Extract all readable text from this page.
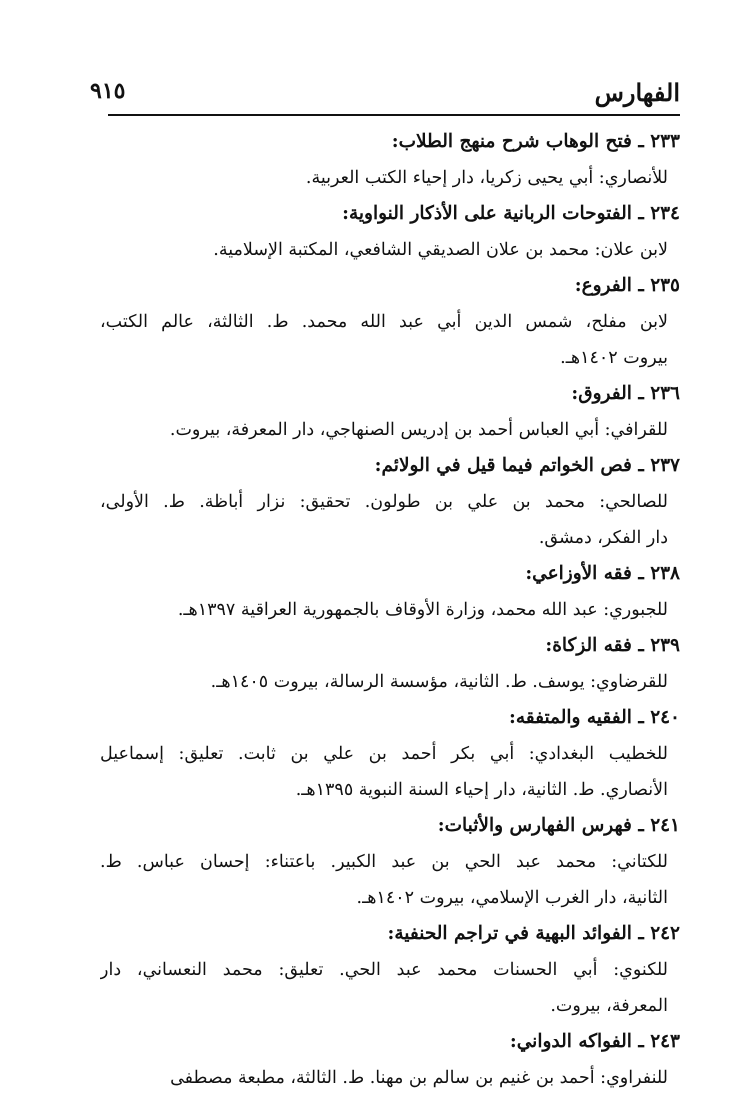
الفهارس
٩١٥
٢٣٣ ـ فتح الوهاب شرح منهج الطلاب:
للأنصاري: أبي يحيى زكريا، دار إحياء الكتب العربية.
٢٣٤ ـ الفتوحات الربانية على الأذكار النواوية:
لابن علان: محمد بن علان الصديقي الشافعي، المكتبة الإسلامية.
٢٣٥ ـ الفروع:
لابن مفلح، شمس الدين أبي عبد الله محمد. ط. الثالثة، عالم الكتب،
بيروت ١٤٠٢هـ.
٢٣٦ ـ الفروق:
للقرافي: أبي العباس أحمد بن إدريس الصنهاجي، دار المعرفة، بيروت.
٢٣٧ ـ فص الخواتم فيما قيل في الولائم:
للصالحي: محمد بن علي بن طولون. تحقيق: نزار أباظة. ط. الأولى،
دار الفكر، دمشق.
٢٣٨ ـ فقه الأوزاعي:
للجبوري: عبد الله محمد، وزارة الأوقاف بالجمهورية العراقية ١٣٩٧هـ.
٢٣٩ ـ فقه الزكاة:
للقرضاوي: يوسف. ط. الثانية، مؤسسة الرسالة، بيروت ١٤٠٥هـ.
٢٤٠ ـ الفقيه والمتفقه:
للخطيب البغدادي: أبي بكر أحمد بن علي بن ثابت. تعليق: إسماعيل
الأنصاري. ط. الثانية، دار إحياء السنة النبوية ١٣٩٥هـ.
٢٤١ ـ فهرس الفهارس والأثبات:
للكتاني: محمد عبد الحي بن عبد الكبير. باعتناء: إحسان عباس. ط.
الثانية، دار الغرب الإسلامي، بيروت ١٤٠٢هـ.
٢٤٢ ـ الفوائد البهية في تراجم الحنفية:
للكنوي: أبي الحسنات محمد عبد الحي. تعليق: محمد النعساني، دار
المعرفة، بيروت.
٢٤٣ ـ الفواكه الدواني:
للنفراوي: أحمد بن غنيم بن سالم بن مهنا. ط. الثالثة، مطبعة مصطفى
